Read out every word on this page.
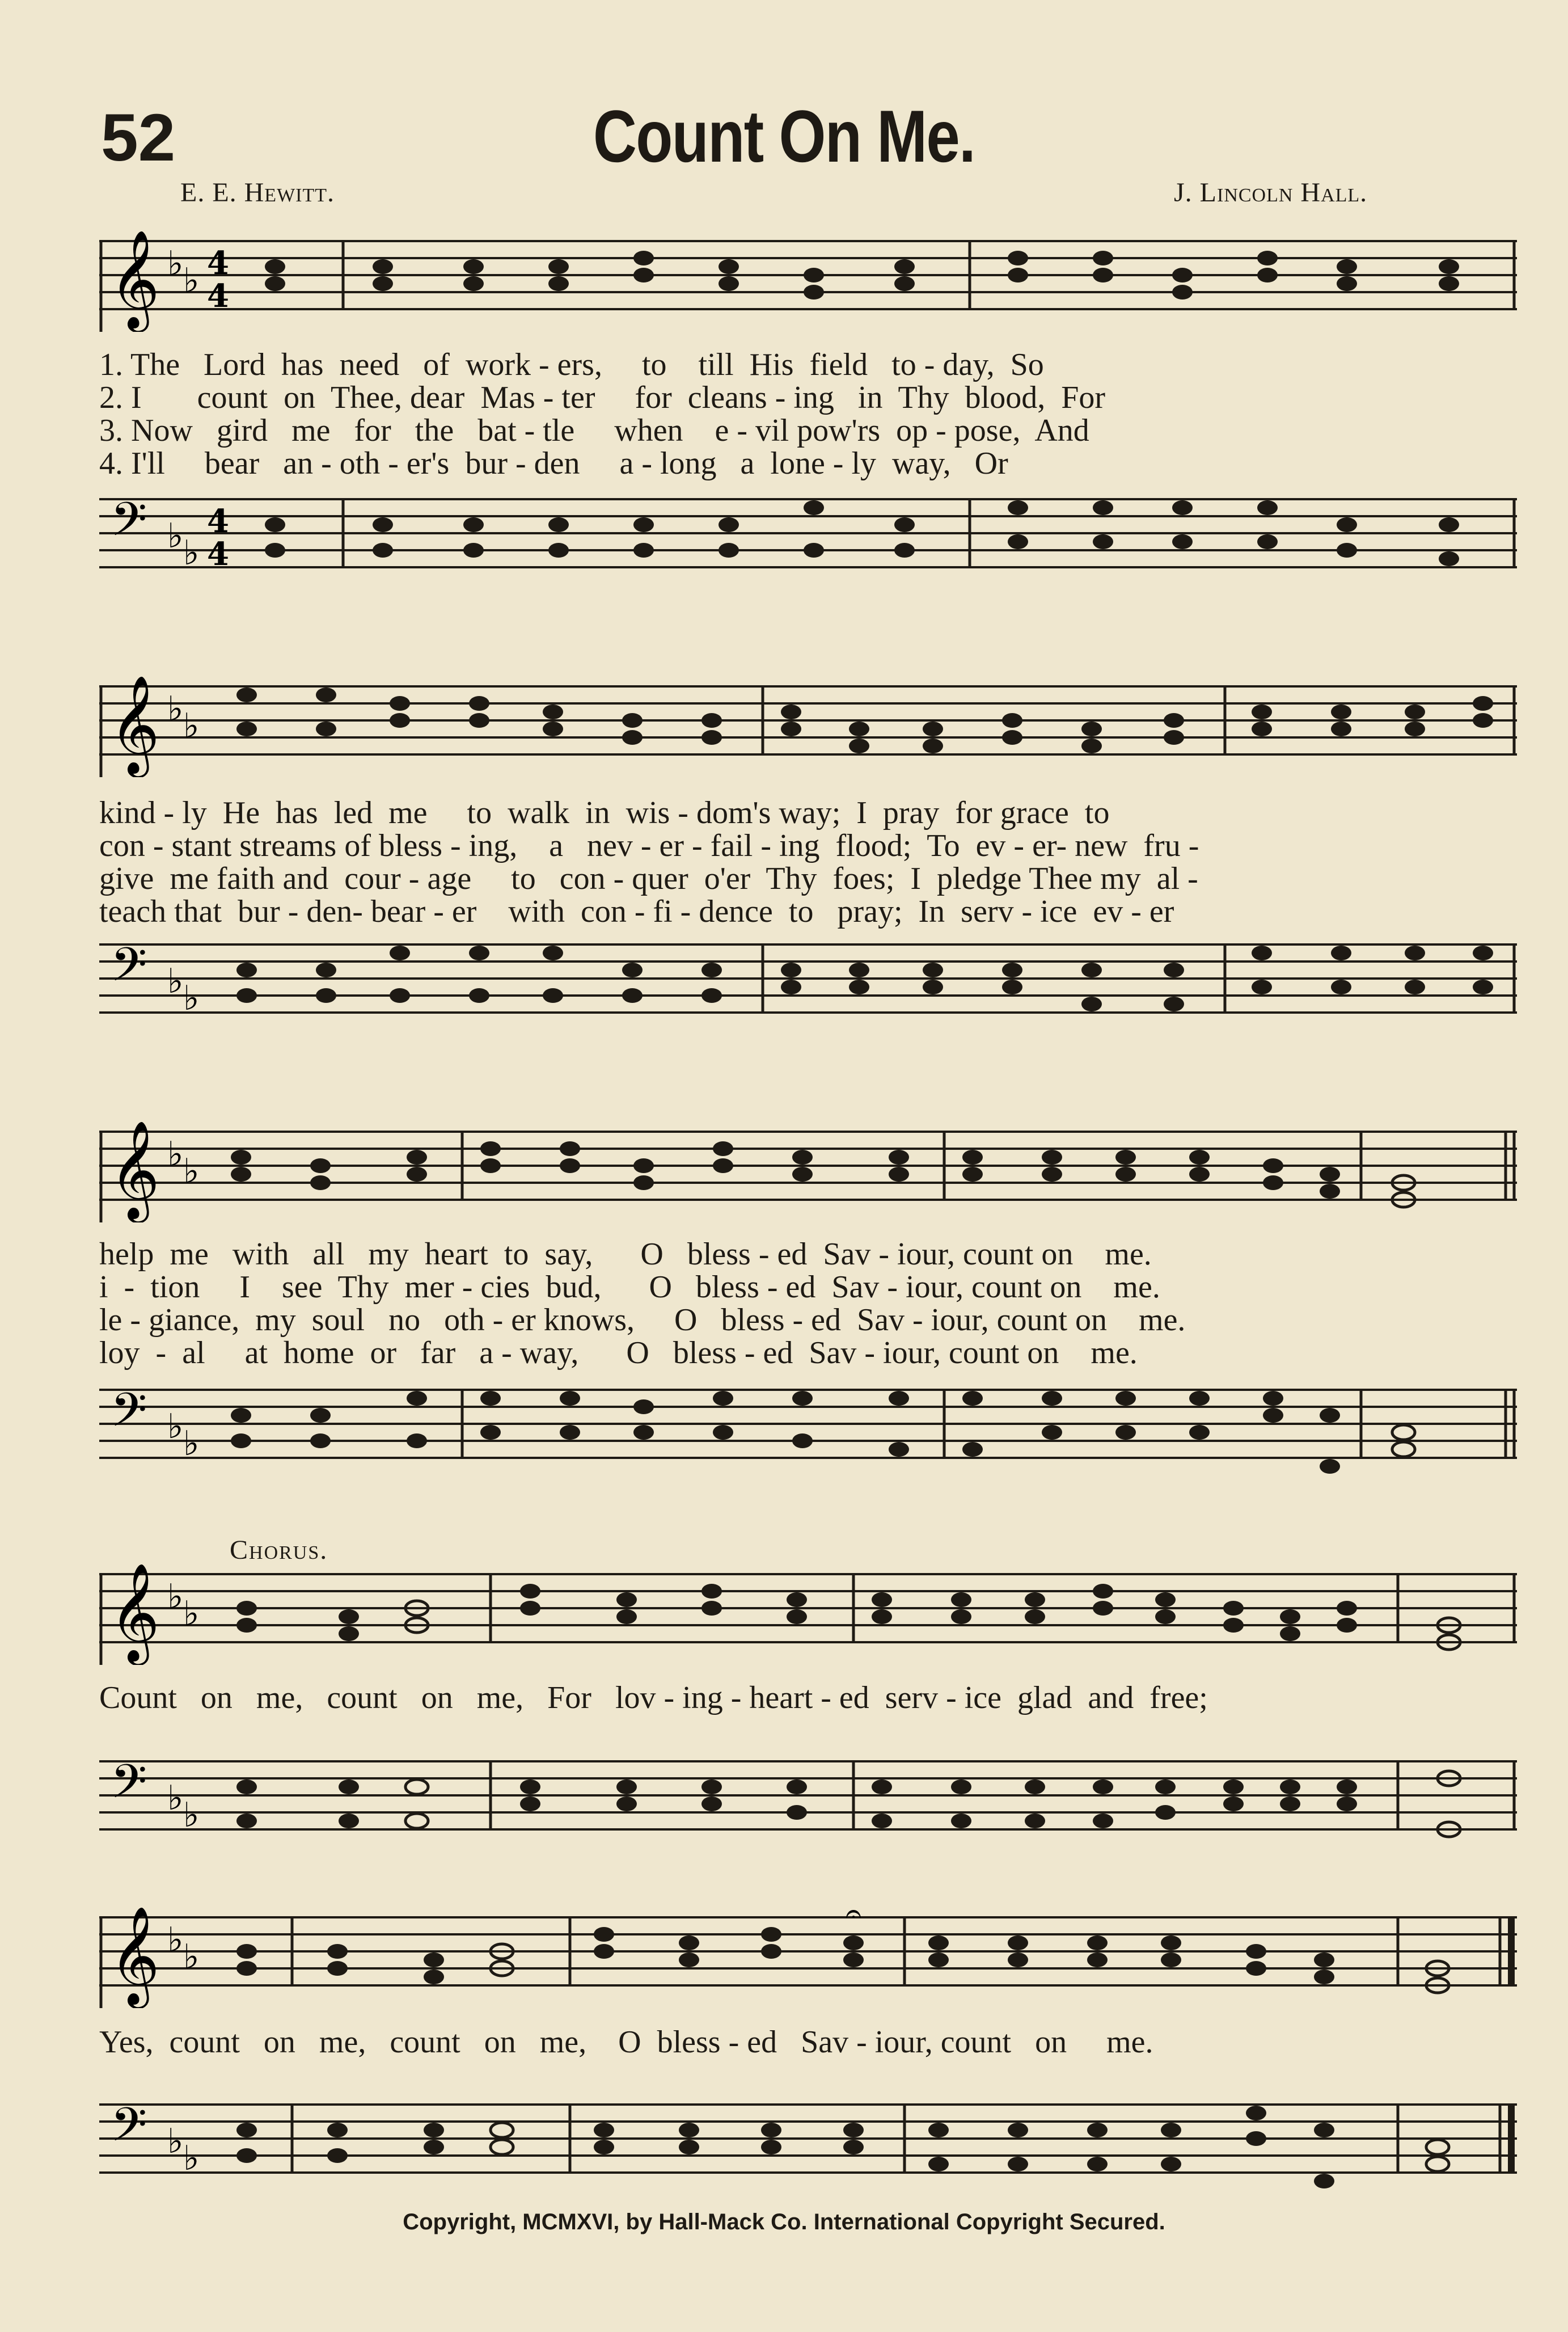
52	Count On Me.
E. E. Hewitt.	J. Lincoln Hall.
𝄞 ♭ ♭ 4
4
1. The   Lord  has  need   of  work - ers,     to    till  His  field   to - day,  So
2. I       count  on  Thee, dear  Mas - ter     for  cleans - ing   in  Thy  blood,  For
3. Now   gird   me   for   the   bat - tle     when    e - vil pow'rs  op - pose,  And
4. I'll     bear   an - oth - er's  bur - den     a - long   a  lone - ly  way,   Or
𝄢 ♭ ♭
4
4
𝄞 ♭ ♭
kind - ly  He  has  led  me     to  walk  in  wis - dom's way;  I  pray  for grace  to
con - stant streams of bless - ing,    a   nev - er - fail - ing  flood;  To  ev - er- new  fru -
give  me faith and  cour - age     to   con - quer  o'er  Thy  foes;  I  pledge Thee my  al -
teach that  bur - den- bear - er    with  con - fi - dence  to   pray;  In  serv - ice  ev - er
𝄢 ♭ ♭
𝄞 ♭ ♭
help  me   with   all   my  heart  to  say,      O   bless - ed  Sav - iour, count on    me.
i  -  tion     I    see  Thy  mer - cies  bud,      O   bless - ed  Sav - iour, count on    me.
le - giance,  my  soul   no   oth - er knows,     O   bless - ed  Sav - iour, count on    me.
loy  -  al     at  home  or   far   a - way,      O   bless - ed  Sav - iour, count on    me.
𝄢 ♭ ♭
Chorus.
𝄞 ♭ ♭
Count   on   me,   count   on   me,   For   lov - ing - heart - ed  serv - ice  glad  and  free;
𝄢 ♭ ♭
𝄞 ♭ ♭
𝄐
Yes,  count   on   me,   count   on   me,    O  bless - ed   Sav - iour, count   on     me.
𝄢 ♭ ♭
Copyright, MCMXVI, by Hall-Mack Co. International Copyright Secured.
